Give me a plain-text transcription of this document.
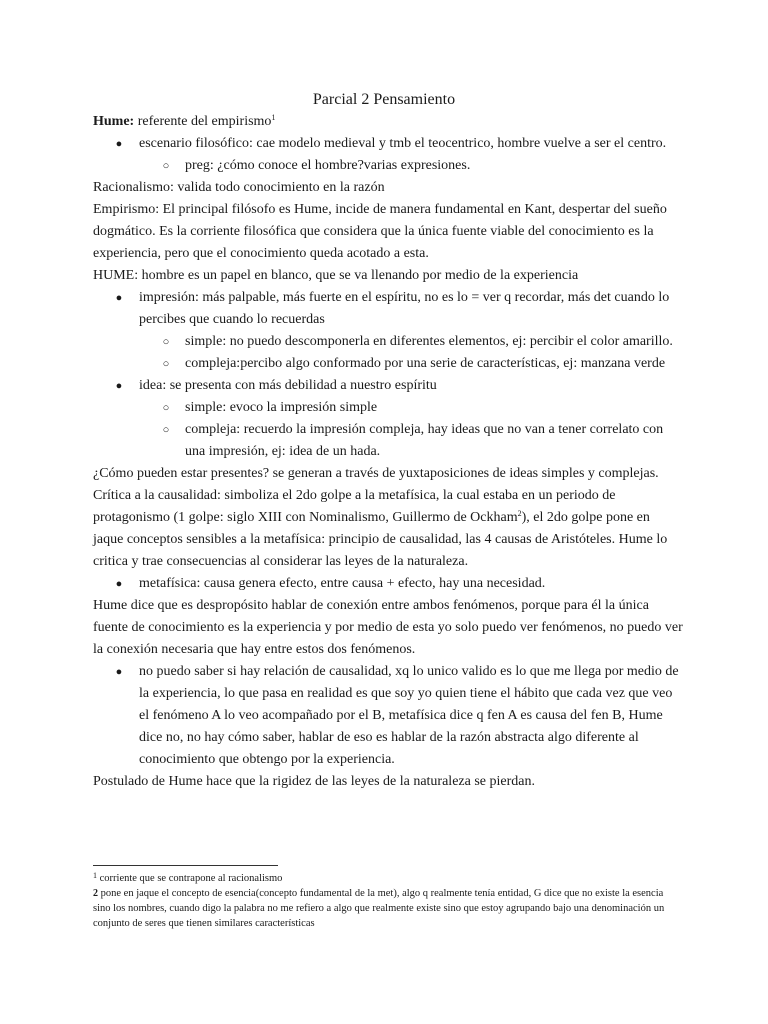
Parcial 2 Pensamiento

Hume: referente del empirismo$^1$

●	escenario filosófico: cae modelo medieval y tmb el teocentrico, hombre vuelve a ser el centro.
○	preg: ¿cómo conoce el hombre?varias expresiones.

Racionalismo: valida todo conocimiento en la razón

Empirismo: El principal filósofo es Hume, incide de manera fundamental en Kant, despertar del sueño dogmático. Es la corriente filosófica que considera que la única fuente viable del conocimiento es la experiencia, pero que el conocimiento queda acotado a esta.

HUME: hombre es un papel en blanco, que se va llenando por medio de la experiencia

●	impresión: más palpable, más fuerte en el espíritu, no es lo = ver q recordar, más det cuando lo percibes que cuando lo recuerdas
○	simple: no puedo descomponerla en diferentes elementos, ej: percibir el color amarillo.
○	compleja:percibo algo conformado por una serie de características, ej: manzana verde
●	idea: se presenta con más debilidad a nuestro espíritu
○	simple: evoco la impresión simple
○	compleja: recuerdo la impresión compleja, hay ideas que no van a tener correlato con una impresión, ej: idea de un hada.

¿Cómo pueden estar presentes? se generan a través de yuxtaposiciones de ideas simples y complejas.

Crítica a la causalidad: simboliza el 2do golpe a la metafísica, la cual estaba en un periodo de protagonismo (1 golpe: siglo XIII con Nominalismo, Guillermo de Ockham$^2$), el 2do golpe pone en jaque conceptos sensibles a la metafísica: principio de causalidad, las 4 causas de Aristóteles. Hume lo critica y trae consecuencias al considerar las leyes de la naturaleza.

●	metafísica: causa genera efecto, entre causa + efecto, hay una necesidad.

Hume dice que es despropósito hablar de conexión entre ambos fenómenos, porque para él la única fuente de conocimiento es la experiencia y por medio de esta yo solo puedo ver fenómenos, no puedo ver la conexión necesaria que hay entre estos dos fenómenos.

●	no puedo saber si hay relación de causalidad, xq lo unico valido es lo que me llega por medio de la experiencia, lo que pasa en realidad es que soy yo quien tiene el hábito que cada vez que veo el fenómeno A lo veo acompañado por el B, metafísica dice q fen A es causa del fen B, Hume dice no, no hay cómo saber, hablar de eso es hablar de la razón abstracta algo diferente al conocimiento que obtengo por la experiencia.

Postulado de Hume hace que la rigidez de las leyes de la naturaleza se pierdan.

$^1$ corriente que se contrapone al racionalismo
2 pone en jaque el concepto de esencia(concepto fundamental de la met), algo q realmente tenía entidad, G dice que no existe la esencia sino los nombres, cuando digo la palabra no me refiero a algo que realmente existe sino que estoy agrupando bajo una denominación un conjunto de seres que tienen similares características
